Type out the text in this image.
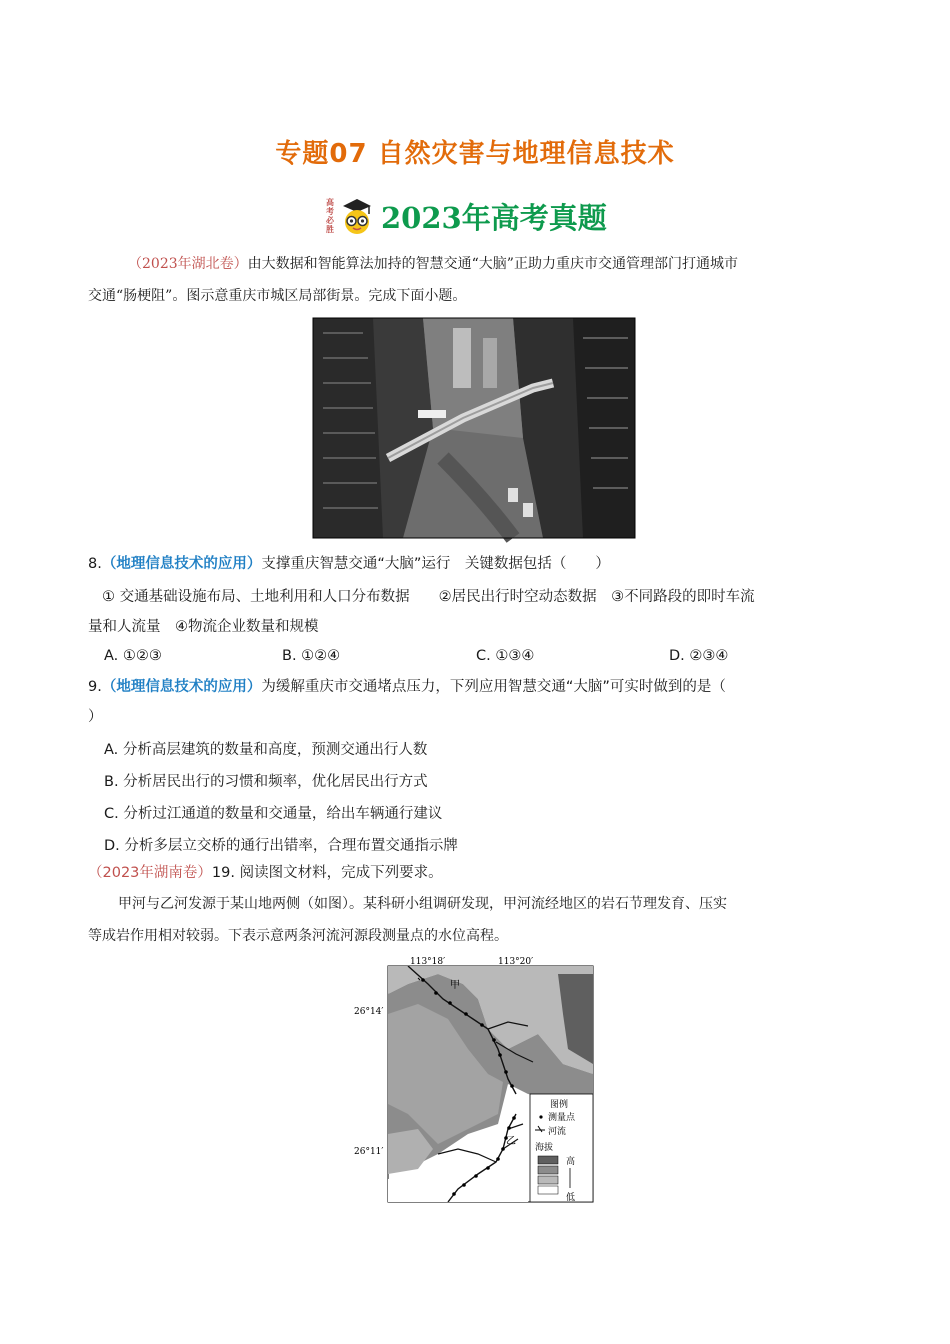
专题07 自然灾害与地理信息技术
高考必胜 2023年高考真题
（2023年湖北卷）由大数据和智能算法加持的智慧交通“大脑”正助力重庆市交通管理部门打通城市
交通“肠梗阻”。图示意重庆市城区局部街景。完成下面小题。
8.（地理信息技术的应用）支撑重庆智慧交通“大脑”运行　关键数据包括（　　）
① 交通基础设施布局、土地利用和人口分布数据　　②居民出行时空动态数据　③不同路段的即时车流
量和人流量　④物流企业数量和规模
A. ①②③	B. ①②④	C. ①③④	D. ②③④
9.（地理信息技术的应用）为缓解重庆市交通堵点压力，下列应用智慧交通“大脑”可实时做到的是（
）
A. 分析高层建筑的数量和高度，预测交通出行人数
B. 分析居民出行的习惯和频率，优化居民出行方式
C. 分析过江通道的数量和交通量，给出车辆通行建议
D. 分析多层立交桥的通行出错率，合理布置交通指示牌
（2023年湖南卷）19. 阅读图文材料，完成下列要求。
甲河与乙河发源于某山地两侧（如图）。某科研小组调研发现，甲河流经地区的岩石节理发育、压实
等成岩作用相对较弱。下表示意两条河流河源段测量点的水位高程。
113°18′	113°20′
26°14′
26°11′
甲
乙
图例
测量点
河流
海拔
高
低
